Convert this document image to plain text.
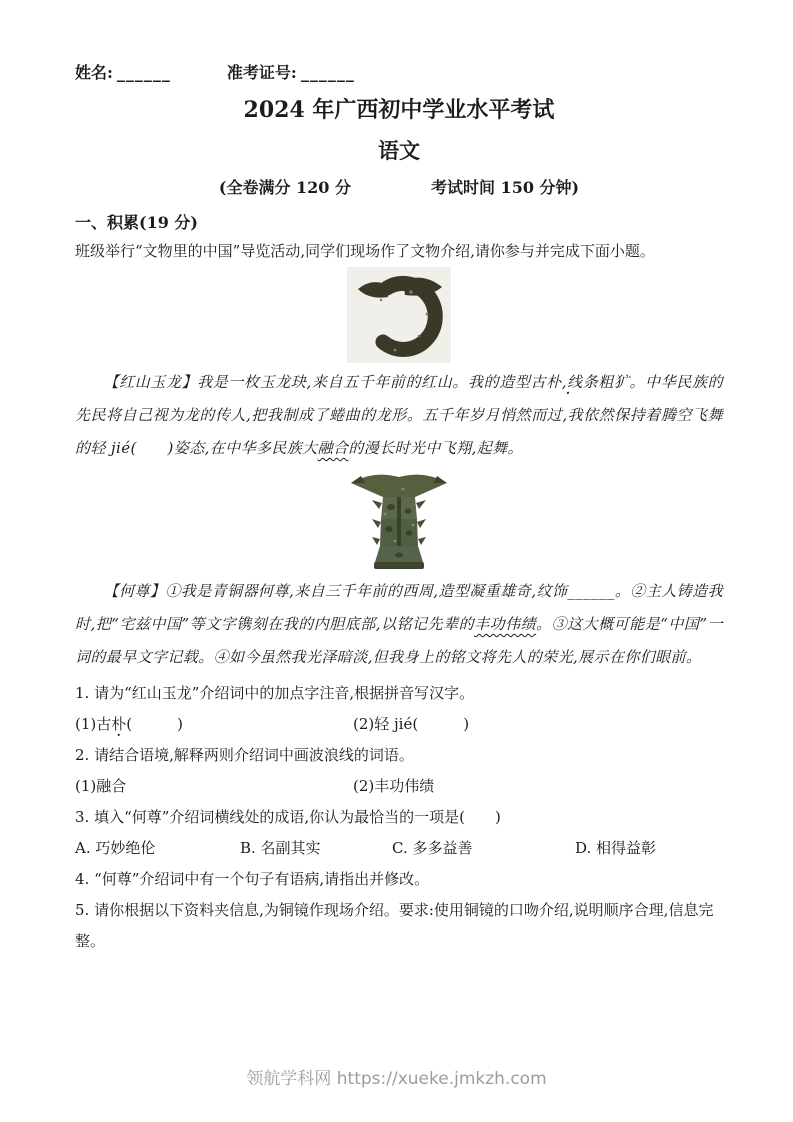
姓名: ______	准考证号: ______
2024 年广西初中学业水平考试
语文
(全卷满分 120 分　　　　　考试时间 150 分钟)
一、积累(19 分)

班级举行“文物里的中国”导览活动,同学们现场作了文物介绍,请你参与并完成下面小题。

【红山玉龙】我是一枚玉龙玦,来自五千年前的红山。我的造型古朴,线条粗犷。中华民族的先民将自己视为龙的传人,把我制成了蜷曲的龙形。五千年岁月悄然而过,我依然保持着腾空飞舞的轻 jié(　　)姿态,在中华多民族大融合的漫长时光中飞翔,起舞。

【何尊】①我是青铜器何尊,来自三千年前的西周,造型凝重雄奇,纹饰______。②主人铸造我时,把“宅兹中国”等文字镌刻在我的内胆底部,以铭记先辈的丰功伟绩。③这大概可能是“中国”一词的最早文字记载。④如今虽然我光泽暗淡,但我身上的铭文将先人的荣光,展示在你们眼前。

1. 请为“红山玉龙”介绍词中的加点字注音,根据拼音写汉字。
(1)古朴(　　　)	(2)轻 jié(　　　)
2. 请结合语境,解释两则介绍词中画波浪线的词语。
(1)融合	(2)丰功伟绩
3. 填入“何尊”介绍词横线处的成语,你认为最恰当的一项是(　　)
A. 巧妙绝伦	B. 名副其实	C. 多多益善	D. 相得益彰
4. “何尊”介绍词中有一个句子有语病,请指出并修改。
5. 请你根据以下资料夹信息,为铜镜作现场介绍。要求:使用铜镜的口吻介绍,说明顺序合理,信息完整。
领航学科网 https://xueke.jmkzh.com
